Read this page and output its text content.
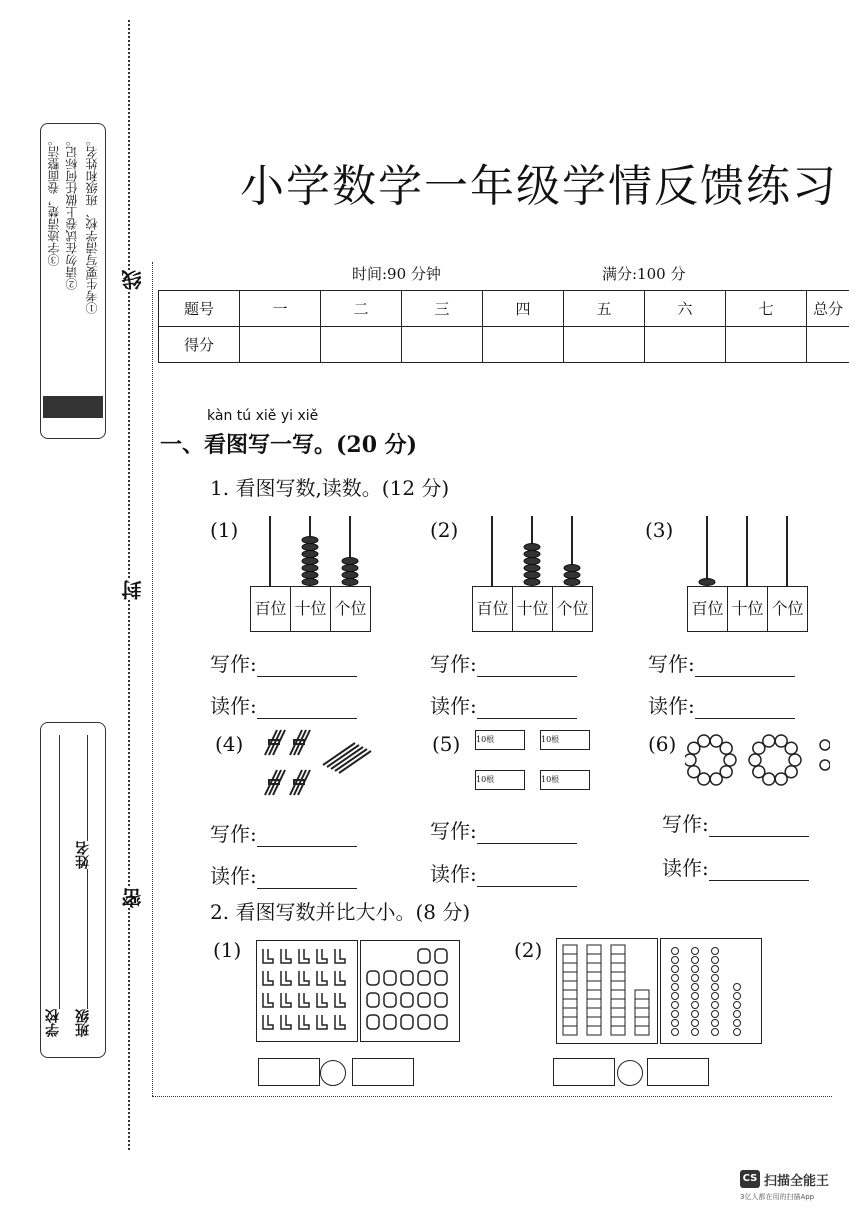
①考生要写清学校、班级和姓名。
②请勿在试卷上做任何标记。
③字迹清楚，卷面整洁。
线
封
密
学校 班级
姓名
小学数学一年级学情反馈练习
时间:90 分钟	满分:100 分
题号	一	二	三	四	五	六	七	总分
得分								
kàn tú xiě yi xiě
一、看图写一写。(20 分)
1. 看图写数,读数。(12 分)
(1)
百位 十位 个位
(2)
百位 十位 个位
(3)
百位 十位 个位
写作:	写作:	写作:
读作:	读作:	读作:
(4)	(5) 10根	10根
10根	10根
(6)
写作:	写作:	写作:
读作:	读作:	读作:
2. 看图写数并比大小。(8 分)
(1)	(2)
CS 扫描全能王
3亿人都在用的扫描App
